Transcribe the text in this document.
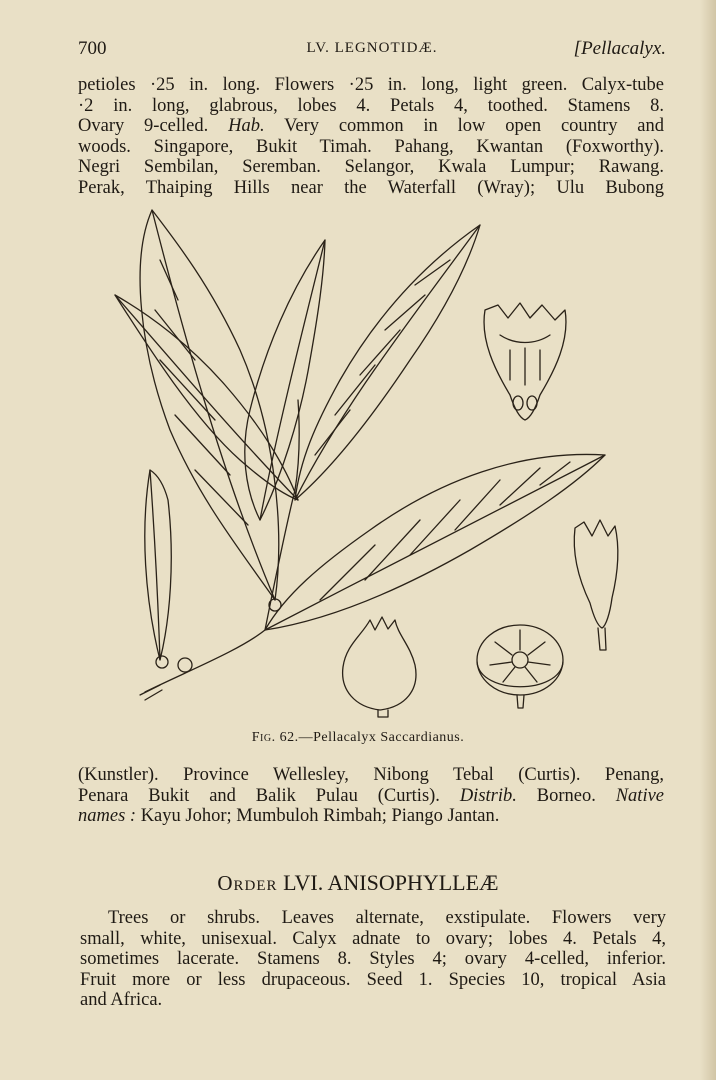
700	LV. LEGNOTIDÆ.	[Pellacalyx.
petioles ·25 in. long. Flowers ·25 in. long, light green. Calyx-tube
·2 in. long, glabrous, lobes 4. Petals 4, toothed. Stamens 8.
Ovary 9-celled. Hab. Very common in low open country and
woods. Singapore, Bukit Timah. Pahang, Kwantan (Foxworthy).
Negri Sembilan, Seremban. Selangor, Kwala Lumpur; Rawang.
Perak, Thaiping Hills near the Waterfall (Wray); Ulu Bubong
Fig. 62.—Pellacalyx Saccardianus.
(Kunstler). Province Wellesley, Nibong Tebal (Curtis). Penang,
Penara Bukit and Balik Pulau (Curtis). Distrib. Borneo. Native
names : Kayu Johor; Mumbuloh Rimbah; Piango Jantan.
Order LVI. ANISOPHYLLEÆ
Trees or shrubs. Leaves alternate, exstipulate. Flowers very
small, white, unisexual. Calyx adnate to ovary; lobes 4. Petals 4,
sometimes lacerate. Stamens 8. Styles 4; ovary 4-celled, inferior.
Fruit more or less drupaceous. Seed 1. Species 10, tropical Asia
and Africa.
